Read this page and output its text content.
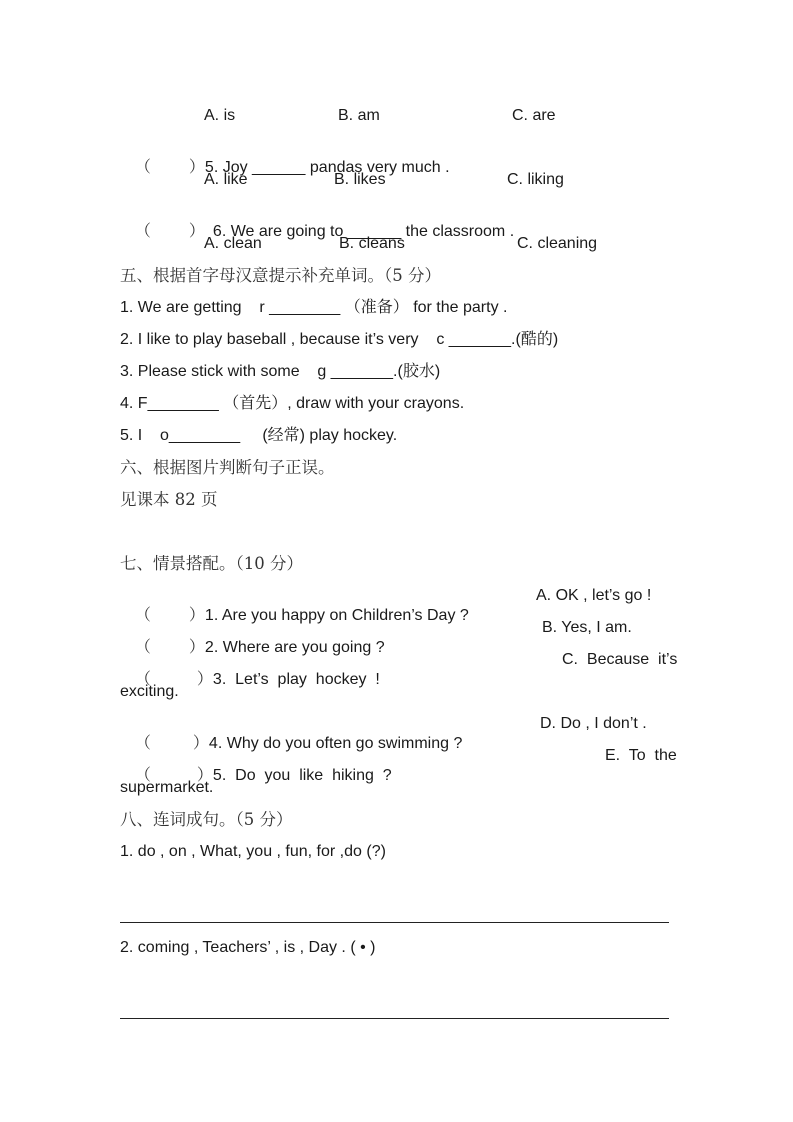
A. is	B. am	C. are

（ ）5. Joy ______ pandas very much .

A. like	B. likes	C. liking

（ ） 6. We are going to ______ the classroom .

A. clean	B. cleans	C. cleaning
五、根据首字母汉意提示补充单词。（5 分）
1. We are getting    r ________ （准备） for the party .
2. I like to play baseball , because it’s very    c _______.(酷的)
3. Please stick with some    g _______.(胶水)
4. F________ （首先）, draw with your crayons.
5. I    o________     (经常) play hockey.
六、根据图片判断句子正误。
见课本 82 页
七、情景搭配。（10 分）

（ ）1. Are you happy on Children’s Day ?

A. OK , let’s go !

（ ）2. Where are you going ?

B. Yes, I am.

（	）3.  Let’s  play  hockey  !

C.  Because  it’s
exciting.

（	）4. Why do you often go swimming ?

D. Do , I don’t .

（	）5.  Do  you  like  hiking  ?

E.  To  the
supermarket.
八、连词成句。（5 分）
1. do , on , What, you , fun, for ,do (?)
2. coming , Teachers’ , is , Day . ( • )
